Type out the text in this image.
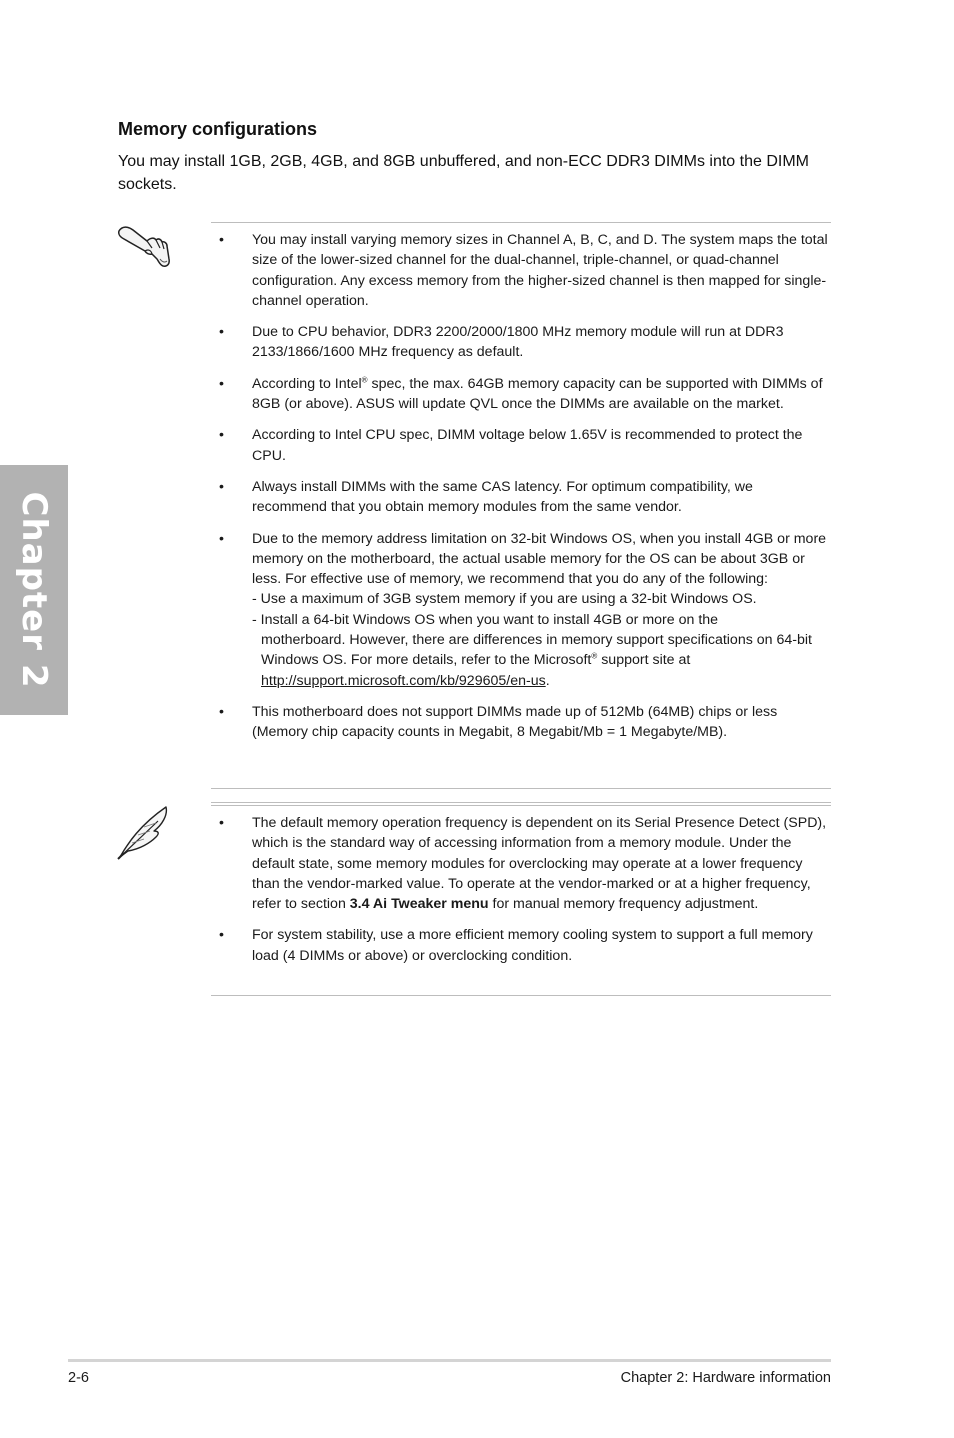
Chapter 2
Memory configurations

You may install 1GB, 2GB, 4GB, and 8GB unbuffered, and non-ECC DDR3 DIMMs into the DIMM sockets.

• You may install varying memory sizes in Channel A, B, C, and D. The system maps the total size of the lower-sized channel for the dual-channel, triple-channel, or quad-channel configuration. Any excess memory from the higher-sized channel is then mapped for single-channel operation.
• Due to CPU behavior, DDR3 2200/2000/1800 MHz memory module will run at DDR3 2133/1866/1600 MHz frequency as default.
• According to Intel® spec, the max. 64GB memory capacity can be supported with DIMMs of 8GB (or above). ASUS will update QVL once the DIMMs are available on the market.
• According to Intel CPU spec, DIMM voltage below 1.65V is recommended to protect the CPU.
• Always install DIMMs with the same CAS latency. For optimum compatibility, we recommend that you obtain memory modules from the same vendor.
• Due to the memory address limitation on 32-bit Windows OS, when you install 4GB or more memory on the motherboard, the actual usable memory for the OS can be about 3GB or less. For effective use of memory, we recommend that you do any of the following:
- Use a maximum of 3GB system memory if you are using a 32-bit Windows OS.
- Install a 64-bit Windows OS when you want to install 4GB or more on the
motherboard. However, there are differences in memory support specifications on 64-bit Windows OS. For more details, refer to the Microsoft® support site at
http://support.microsoft.com/kb/929605/en-us.
• This motherboard does not support DIMMs made up of 512Mb (64MB) chips or less (Memory chip capacity counts in Megabit, 8 Megabit/Mb = 1 Megabyte/MB).
• The default memory operation frequency is dependent on its Serial Presence Detect (SPD), which is the standard way of accessing information from a memory module. Under the default state, some memory modules for overclocking may operate at a lower frequency than the vendor-marked value. To operate at the vendor-marked or at a higher frequency, refer to section 3.4 Ai Tweaker menu for manual memory frequency adjustment.
• For system stability, use a more efficient memory cooling system to support a full memory load (4 DIMMs or above) or overclocking condition.
2-6	Chapter 2: Hardware information
